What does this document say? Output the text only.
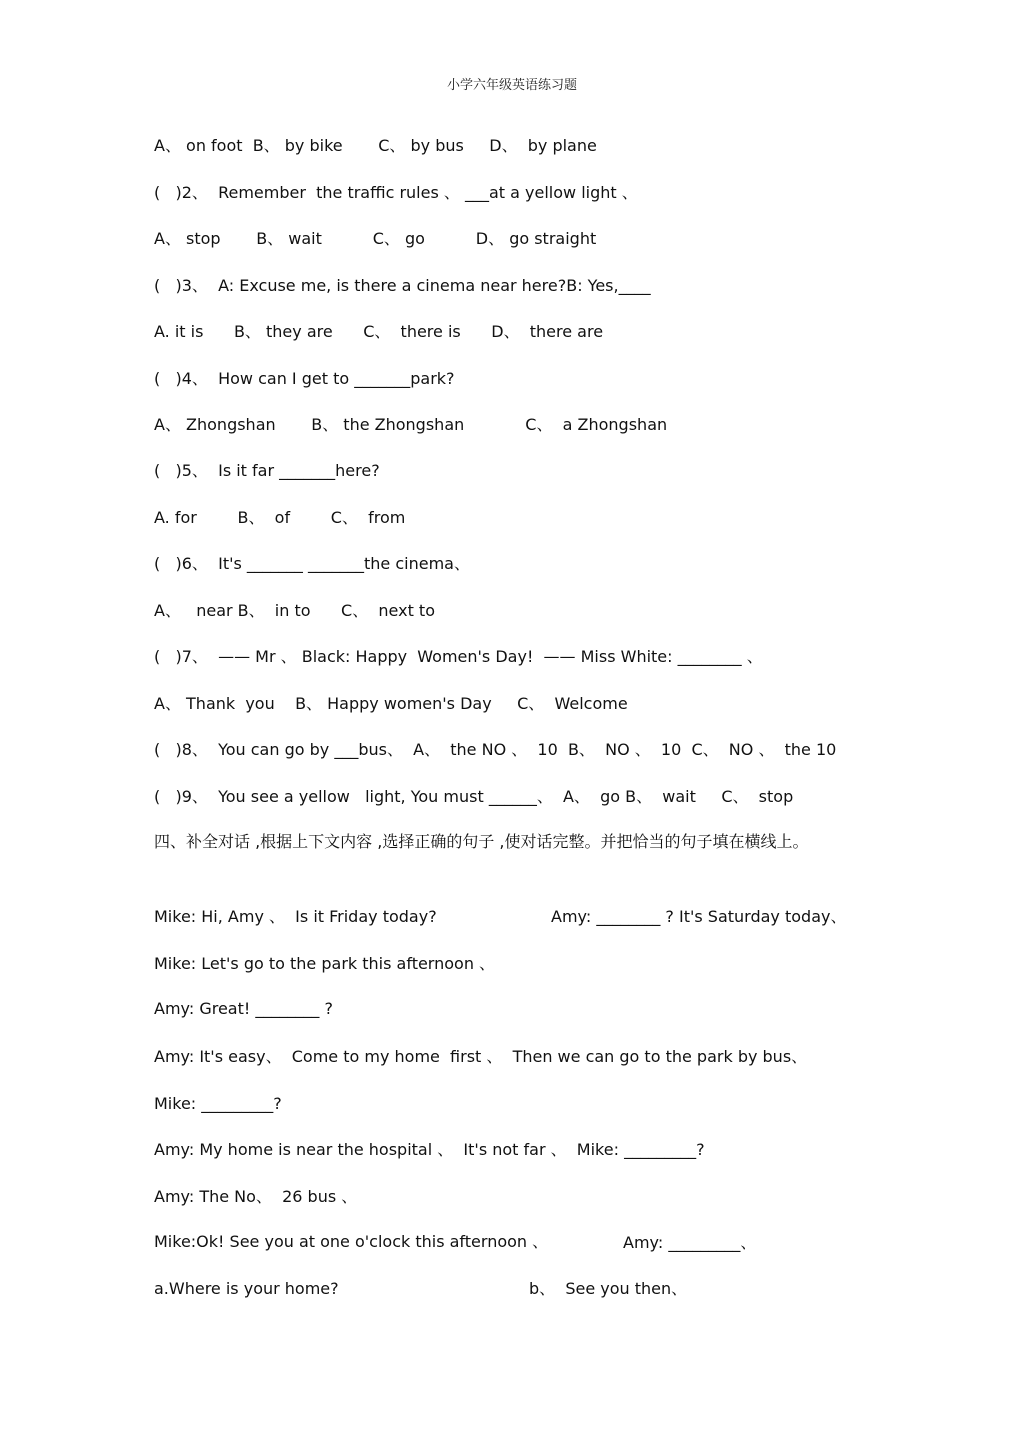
小学六年级英语练习题
A、 on foot  B、 by bike       C、 by bus     D、  by plane
(   )2、  Remember  the traffic rules 、 ___at a yellow light 、
A、 stop       B、 wait          C、 go          D、 go straight
(   )3、  A: Excuse me, is there a cinema near here?B: Yes,____
A. it is      B、 they are      C、  there is      D、  there are
(   )4、  How can I get to _______park?
A、 Zhongshan       B、 the Zhongshan            C、  a Zhongshan
(   )5、  Is it far _______here?
A. for        B、  of        C、  from
(   )6、  It's _______ _______the cinema、
A、   near B、  in to      C、  next to
(   )7、  —— Mr 、 Black: Happy  Women's Day!  —— Miss White: ________ 、
A、 Thank  you    B、 Happy women's Day     C、  Welcome
(   )8、  You can go by ___bus、  A、  the NO 、  10  B、  NO 、  10  C、  NO 、  the 10
(   )9、  You see a yellow   light, You must ______、  A、  go B、  wait     C、  stop
四、补全对话 ,根据上下文内容 ,选择正确的句子 ,使对话完整。并把恰当的句子填在横线上。
Mike: Hi, Amy 、  Is it Friday today?	Amy: ________ ? It's Saturday today、
Mike: Let's go to the park this afternoon 、
Amy: Great! ________ ?
Amy: It's easy、  Come to my home  first 、  Then we can go to the park by bus、
Mike: _________?
Amy: My home is near the hospital 、  It's not far 、  Mike: _________?
Amy: The No、  26 bus 、
Mike:Ok! See you at one o'clock this afternoon 、	Amy: _________、
a.Where is your home?	b、  See you then、
